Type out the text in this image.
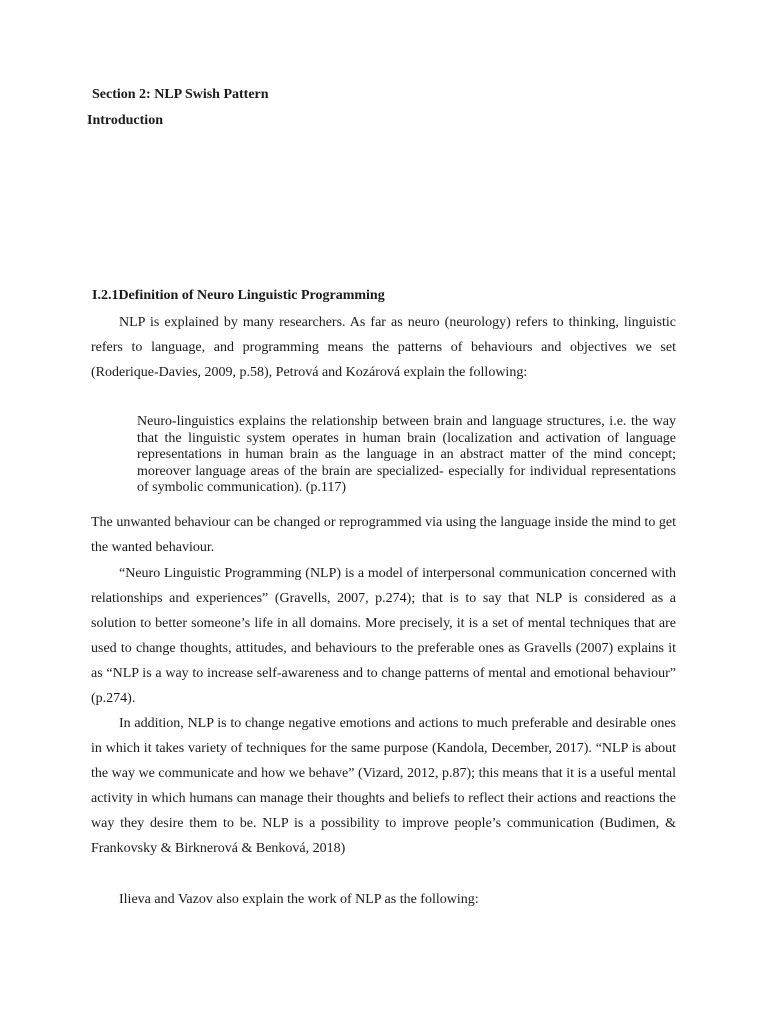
Section 2: NLP Swish Pattern
Introduction
I.2.1Definition of Neuro Linguistic Programming

NLP is explained by many researchers. As far as neuro (neurology) refers to thinking, linguistic refers to language, and programming means the patterns of behaviours and objectives we set (Roderique-Davies, 2009, p.58), Petrová and Kozárová explain the following:

Neuro-linguistics explains the relationship between brain and language structures, i.e. the way that the linguistic system operates in human brain (localization and activation of language representations in human brain as the language in an abstract matter of the mind concept; moreover language areas of the brain are specialized- especially for individual representations of symbolic communication). (p.117)

The unwanted behaviour can be changed or reprogrammed via using the language inside the mind to get the wanted behaviour.

“Neuro Linguistic Programming (NLP) is a model of interpersonal communication concerned with relationships and experiences” (Gravells, 2007, p.274); that is to say that NLP is considered as a solution to better someone’s life in all domains. More precisely, it is a set of mental techniques that are used to change thoughts, attitudes, and behaviours to the preferable ones as Gravells (2007) explains it as “NLP is a way to increase self-awareness and to change patterns of mental and emotional behaviour” (p.274).

In addition, NLP is to change negative emotions and actions to much preferable and desirable ones in which it takes variety of techniques for the same purpose (Kandola, December, 2017). “NLP is about the way we communicate and how we behave” (Vizard, 2012, p.87); this means that it is a useful mental activity in which humans can manage their thoughts and beliefs to reflect their actions and reactions the way they desire them to be. NLP is a possibility to improve people’s communication (Budimen, & Frankovsky & Birknerová & Benková, 2018)

Ilieva and Vazov also explain the work of NLP as the following:
